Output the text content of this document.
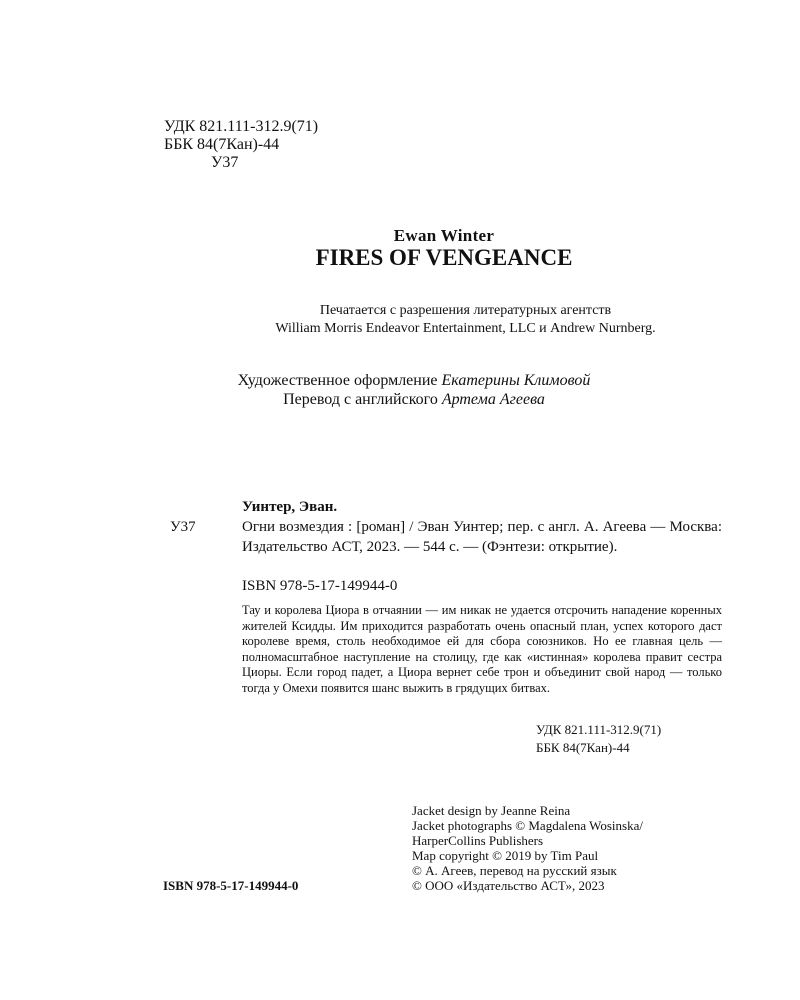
УДК 821.111-312.9(71)
ББК 84(7Кан)-44
У37
Ewan Winter
FIRES OF VENGEANCE
Печатается с разрешения литературных агентств
William Morris Endeavor Entertainment, LLC и Andrew Nurnberg.
Художественное оформление Екатерины Климовой
Перевод с английского Артема Агеева
Уинтер, Эван.
У37	Огни возмездия : [роман] / Эван Уинтер; пер. с англ. А. Агеева — Москва: Издательство АСТ, 2023. — 544 с. — (Фэнтези: открытие).
ISBN 978-5-17-149944-0
Тау и королева Циора в отчаянии — им никак не удается отсрочить нападение коренных жителей Ксидды. Им приходится разработать очень опасный план, успех которого даст королеве время, столь необходимое ей для сбора союзников. Но ее главная цель — полномасштабное наступление на столицу, где как «истинная» королева правит сестра Циоры. Если город падет, а Циора вернет себе трон и объединит свой народ — только тогда у Омехи появится шанс выжить в грядущих битвах.
УДК 821.111-312.9(71)
ББК 84(7Кан)-44
Jacket design by Jeanne Reina
Jacket photographs © Magdalena Wosinska/
HarperCollins Publishers
Map copyright © 2019 by Tim Paul
© А. Агеев, перевод на русский язык
© ООО «Издательство АСТ», 2023
ISBN 978-5-17-149944-0
